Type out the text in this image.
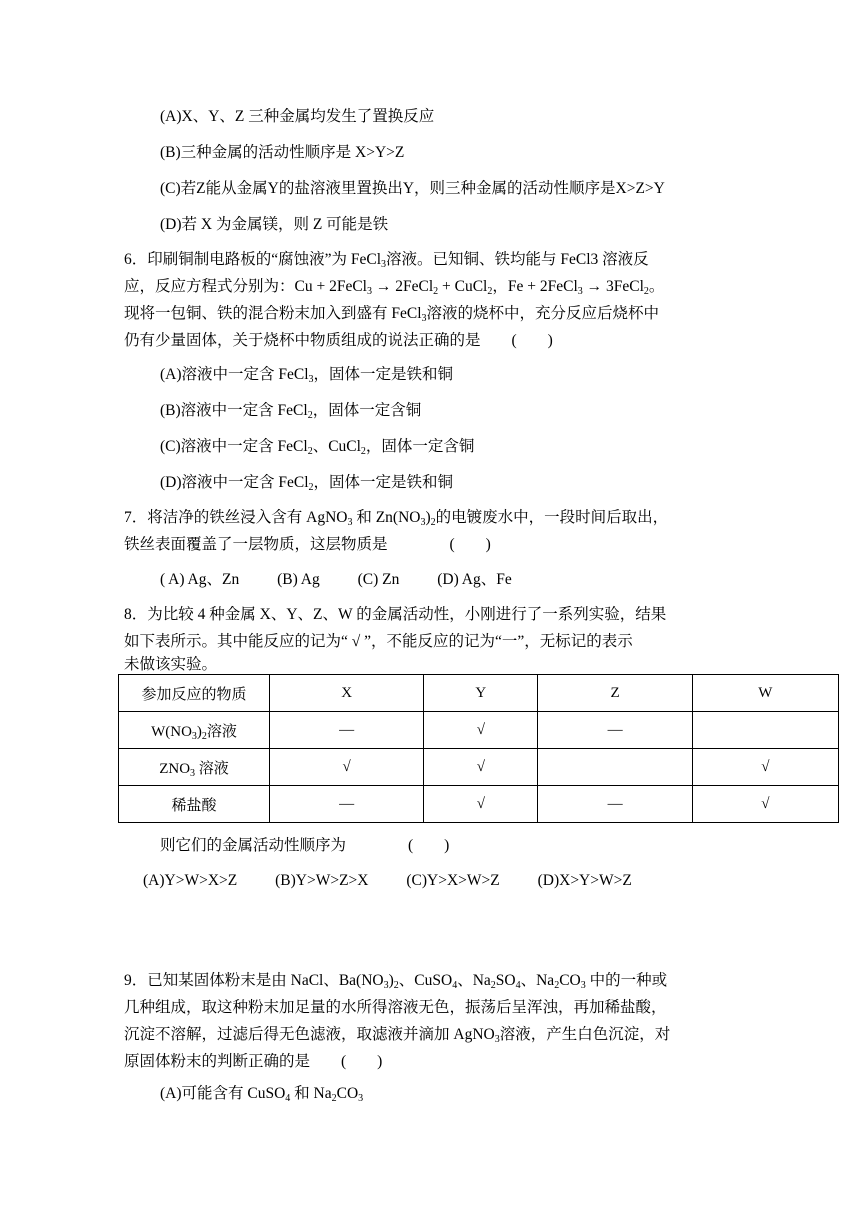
(A)X、Y、Z 三种金属均发生了置换反应
(B)三种金属的活动性顺序是 X>Y>Z
(C)若Z能从金属Y的盐溶液里置换出Y，则三种金属的活动性顺序是X>Z>Y
(D)若 X 为金属镁，则 Z 可能是铁
6．印刷铜制电路板的“腐蚀液”为 FeCl$_3$溶液。已知铜、铁均能与 FeCl3 溶液反
应，反应方程式分别为：Cu + 2FeCl$_3$ → 2FeCl$_2$ + CuCl$_2$，Fe + 2FeCl$_3$ → 3FeCl$_2$。
现将一包铜、铁的混合粉末加入到盛有 FeCl$_3$溶液的烧杯中，充分反应后烧杯中
仍有少量固体，关于烧杯中物质组成的说法正确的是　　(　　)
(A)溶液中一定含 FeCl$_3$，固体一定是铁和铜
(B)溶液中一定含 FeCl$_2$，固体一定含铜
(C)溶液中一定含 FeCl$_2$、CuCl$_2$，固体一定含铜
(D)溶液中一定含 FeCl$_2$，固体一定是铁和铜
7．将洁净的铁丝浸入含有 AgNO$_3$ 和 $Zn(NO_3)_2$的电镀废水中，一段时间后取出，
铁丝表面覆盖了一层物质，这层物质是　　　　(　　)
( A) Ag、Zn (B) Ag (C) Zn (D) Ag、Fe
8．为比较 4 种金属 X、Y、Z、W 的金属活动性，小刚进行了一系列实验，结果
如下表所示。其中能反应的记为“ √ ”，不能反应的记为“一”，无标记的表示
未做该实验。
参加反应的物质	X	Y	Z	W
$W(NO_3)_2$溶液	—	√	—	
$ZNO_3$ 溶液	√	√		√
稀盐酸	—	√	—	√
则它们的金属活动性顺序为　　　　(　　)
(A)Y>W>X>Z (B)Y>W>Z>X (C)Y>X>W>Z (D)X>Y>W>Z
9．已知某固体粉末是由 NaCl、$Ba(NO_3)_2$、CuSO$_4$、$Na_2SO_4$、$Na_2CO_3$ 中的一种或
几种组成，取这种粉末加足量的水所得溶液无色，振荡后呈浑浊，再加稀盐酸，
沉淀不溶解，过滤后得无色滤液，取滤液并滴加 AgNO$_3$溶液，产生白色沉淀，对
原固体粉末的判断正确的是　　(　　)
(A)可能含有 CuSO$_4$ 和 $Na_2CO_3$
